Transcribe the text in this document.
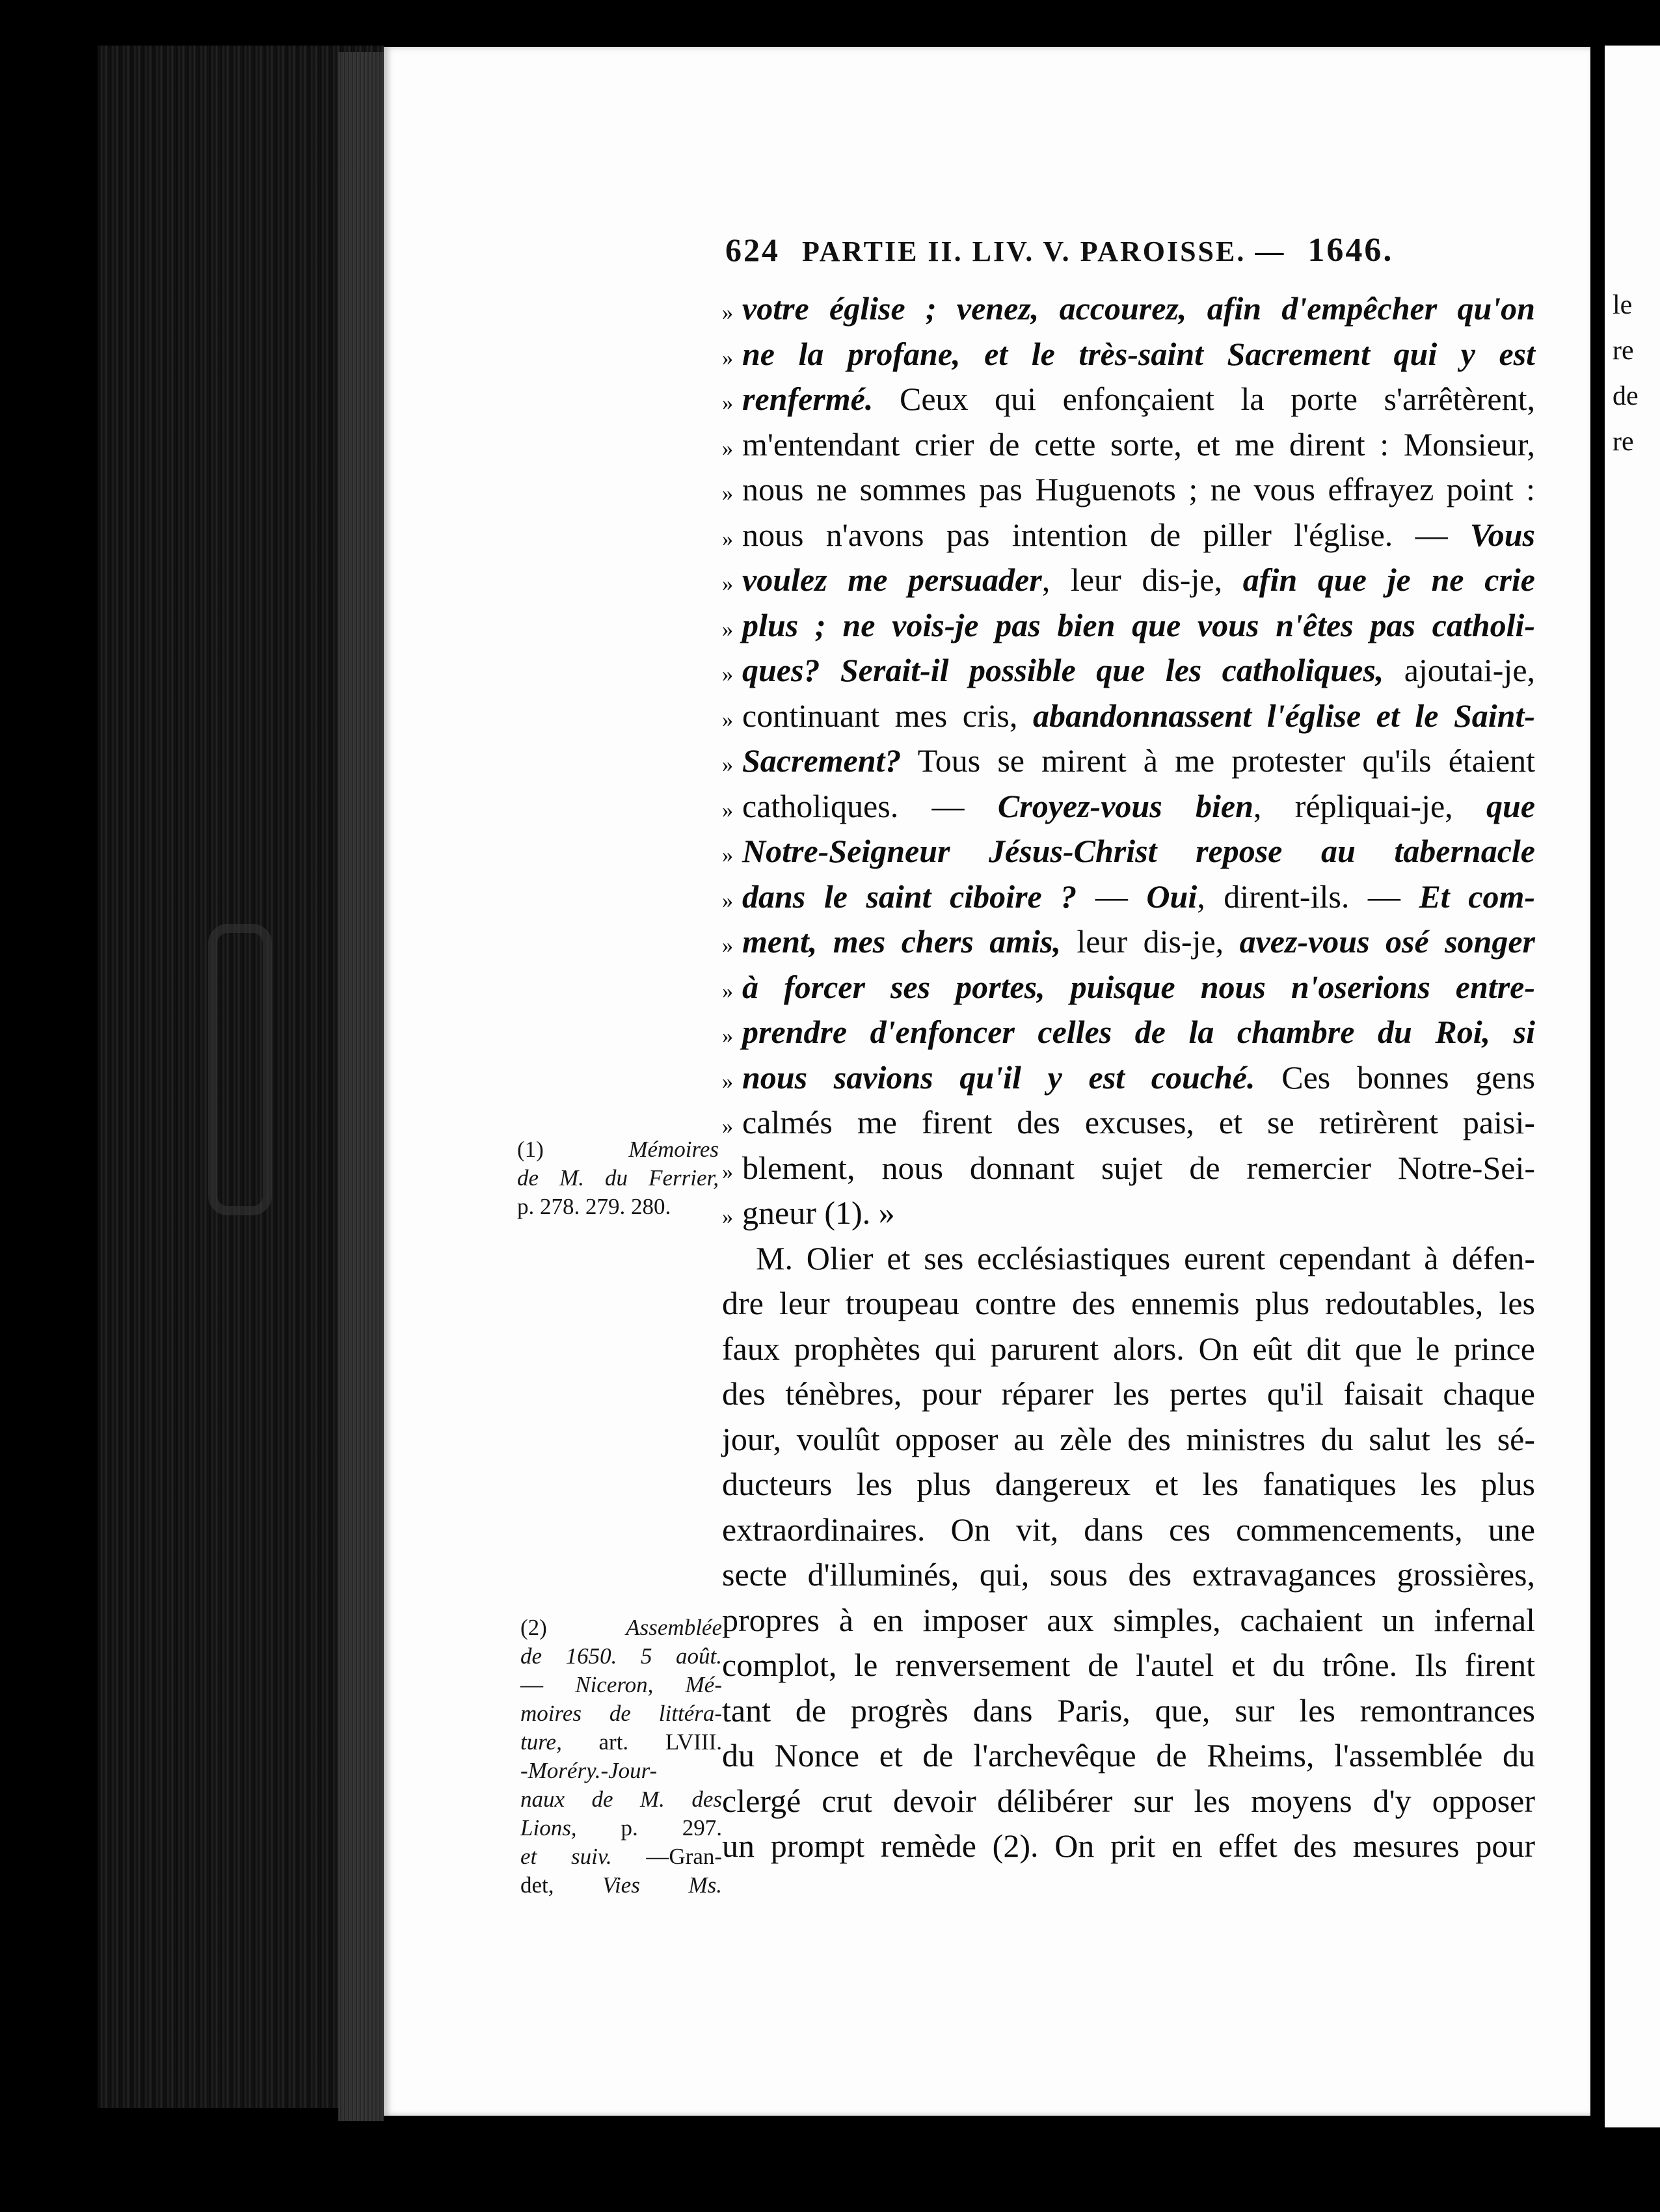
le
re
de
re
624 PARTIE II. LIV. V. PAROISSE. — 1646.
» votre église ; venez, accourez, afin d'empêcher qu'on
» ne la profane, et le très-saint Sacrement qui y est
» renfermé. Ceux qui enfonçaient la porte s'arrêtèrent,
» m'entendant crier de cette sorte, et me dirent : Monsieur,
» nous ne sommes pas Huguenots ; ne vous effrayez point :
» nous n'avons pas intention de piller l'église. — Vous
» voulez me persuader, leur dis-je, afin que je ne crie
» plus ; ne vois-je pas bien que vous n'êtes pas catholi-
» ques? Serait-il possible que les catholiques, ajoutai-je,
» continuant mes cris, abandonnassent l'église et le Saint-
» Sacrement? Tous se mirent à me protester qu'ils étaient
» catholiques. — Croyez-vous bien, répliquai-je, que
» Notre-Seigneur Jésus-Christ repose au tabernacle
» dans le saint ciboire ? — Oui, dirent-ils. — Et com-
» ment, mes chers amis, leur dis-je, avez-vous osé songer
» à forcer ses portes, puisque nous n'oserions entre-
» prendre d'enfoncer celles de la chambre du Roi, si
» nous savions qu'il y est couché. Ces bonnes gens
» calmés me firent des excuses, et se retirèrent paisi-
» blement, nous donnant sujet de remercier Notre-Sei-
» gneur (1). »
M. Olier et ses ecclésiastiques eurent cependant à défen-
dre leur troupeau contre des ennemis plus redoutables, les
faux prophètes qui parurent alors. On eût dit que le prince
des ténèbres, pour réparer les pertes qu'il faisait chaque
jour, voulût opposer au zèle des ministres du salut les sé-
ducteurs les plus dangereux et les fanatiques les plus
extraordinaires. On vit, dans ces commencements, une
secte d'illuminés, qui, sous des extravagances grossières,
propres à en imposer aux simples, cachaient un infernal
complot, le renversement de l'autel et du trône. Ils firent
tant de progrès dans Paris, que, sur les remontrances
du Nonce et de l'archevêque de Rheims, l'assemblée du
clergé crut devoir délibérer sur les moyens d'y opposer
un prompt remède (2). On prit en effet des mesures pour
(1) Mémoires
de M. du Ferrier,
p. 278. 279. 280.
(2) Assemblée
de 1650. 5 août.
— Niceron, Mé-
moires de littéra-
ture, art. LVIII.
-Moréry.-Jour-
naux de M. des
Lions, p. 297.
et suiv. —Gran-
det, Vies Ms.
